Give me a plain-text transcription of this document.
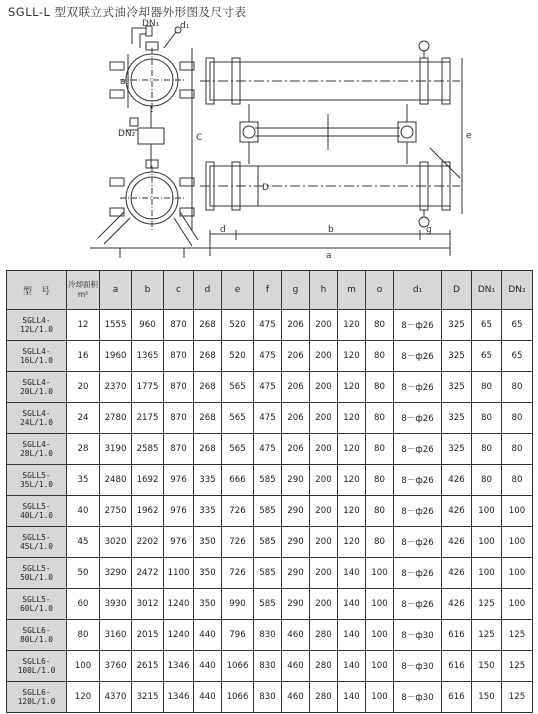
SGLL-L 型双联立式油冷却器外形图及尺寸表
DN₁
DN₂
d₁
a
C
D
d	b	g
a
e
型　号	冷却面积 m²	a	b	c	d	e	f	g	h	m	o	d₁	D	DN₁	DN₂
SGLL4-12L/1.0	12	1555	960	870	268	520	475	206	200	120	80	8－ф26	325	65	65
SGLL4-16L/1.0	16	1960	1365	870	268	520	475	206	200	120	80	8－ф26	325	65	65
SGLL4-20L/1.0	20	2370	1775	870	268	565	475	206	200	120	80	8－ф26	325	80	80
SGLL4-24L/1.0	24	2780	2175	870	268	565	475	206	200	120	80	8－ф26	325	80	80
SGLL4-28L/1.0	28	3190	2585	870	268	565	475	206	200	120	80	8－ф26	325	80	80
SGLL5-35L/1.0	35	2480	1692	976	335	666	585	290	200	120	80	8－ф26	426	80	80
SGLL5-40L/1.0	40	2750	1962	976	335	726	585	290	200	120	80	8－ф26	426	100	100
SGLL5-45L/1.0	45	3020	2202	976	350	726	585	290	200	120	80	8－ф26	426	100	100
SGLL5-50L/1.0	50	3290	2472	1100	350	726	585	290	200	140	100	8－ф26	426	100	100
SGLL5-60L/1.0	60	3930	3012	1240	350	990	585	290	200	140	100	8－ф26	426	125	100
SGLL6-80L/1.0	80	3160	2015	1240	440	796	830	460	280	140	100	8－ф30	616	125	125
SGLL6-100L/1.0	100	3760	2615	1346	440	1066	830	460	280	140	100	8－ф30	616	150	125
SGLL6-120L/1.0	120	4370	3215	1346	440	1066	830	460	280	140	100	8－ф30	616	150	125
